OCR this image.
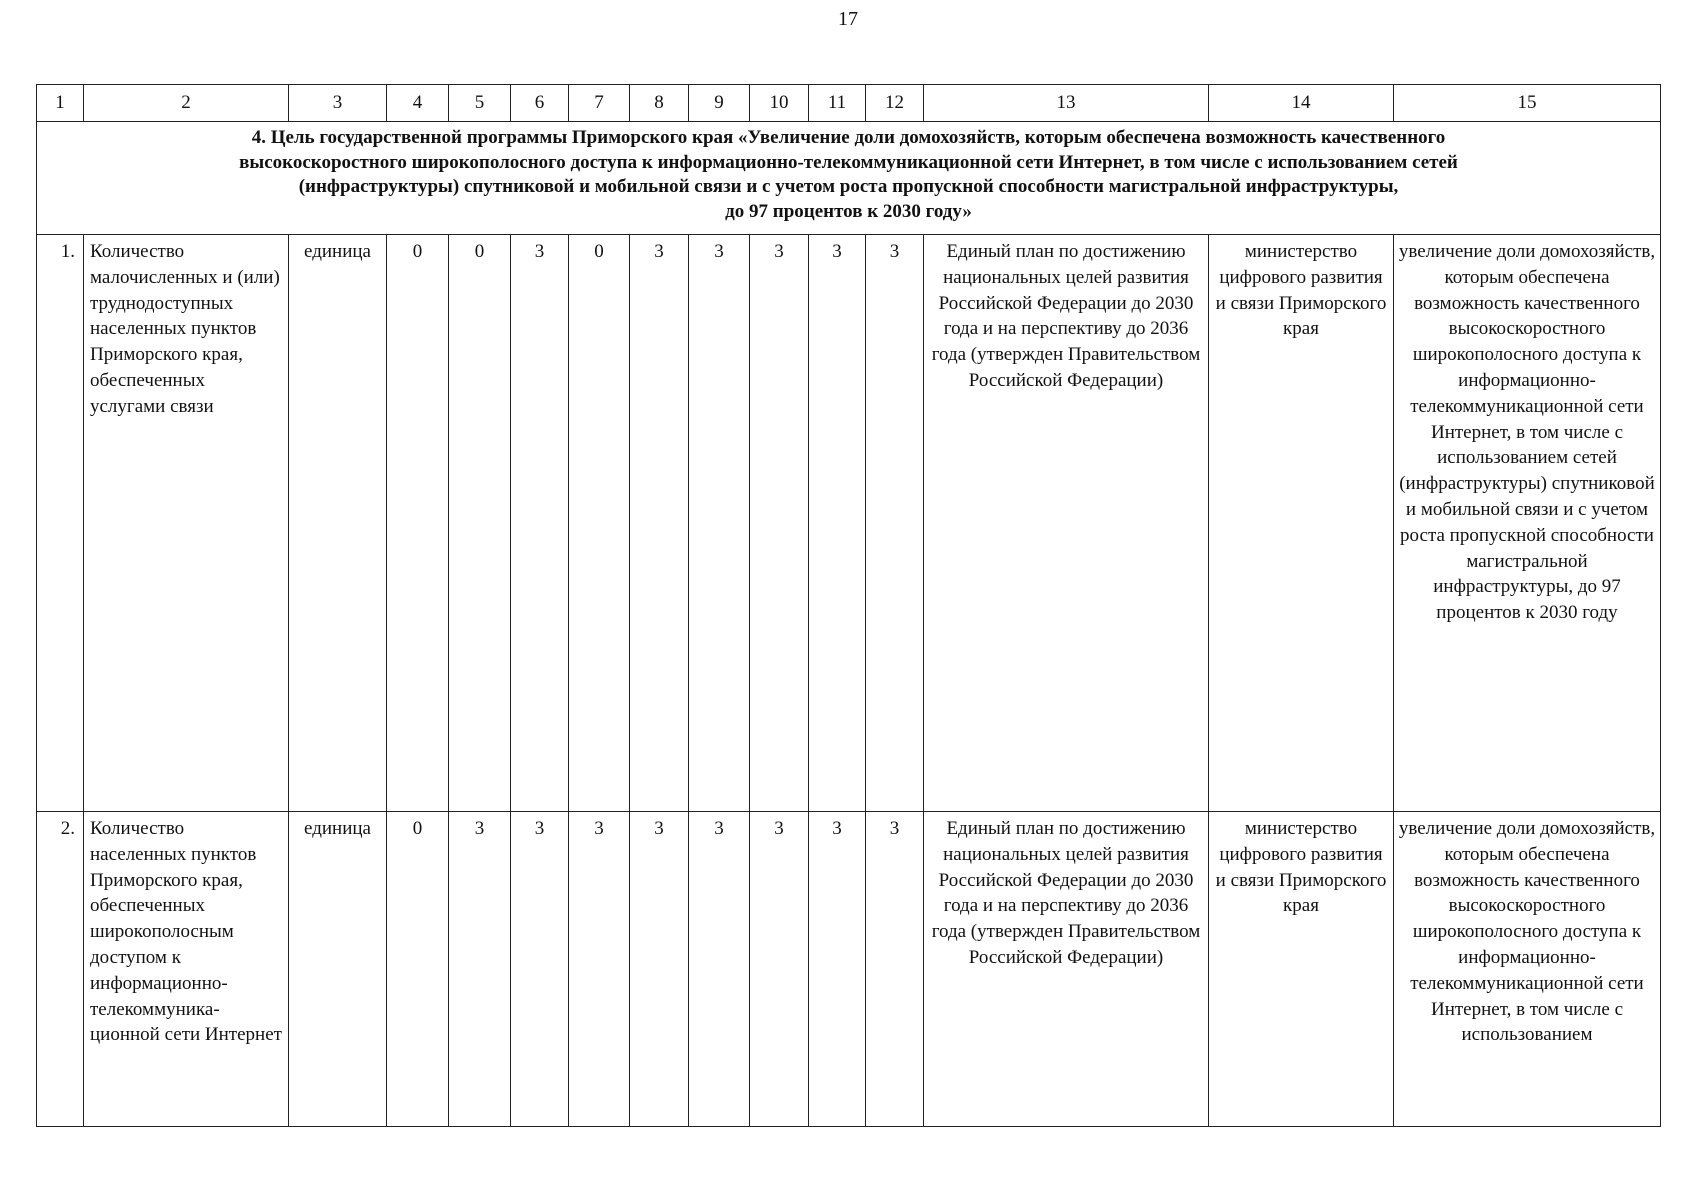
17
1	2	3	4	5	6	7	8	9	10	11	12	13	14	15

4. Цель государственной программы Приморского края «Увеличение доли домохозяйств, которым обеспечена возможность качественного
высокоскоростного широкополосного доступа к информационно-телекоммуникационной сети Интернет, в том числе с использованием сетей
(инфраструктуры) спутниковой и мобильной связи и с учетом роста пропускной способности магистральной инфраструктуры,
до 97 процентов к 2030 году»														

1.	Количество малочисленных и (или) труднодоступных населенных пунктов Приморского края, обеспеченных услугами связи	единица	0	0	3	0	3	3	3	3	3	Единый план по достижению национальных целей развития Российской Федерации до 2030 года и на перспективу до 2036 года (утвержден Правительством Российской Федерации)	министерство цифрового развития и связи Приморского края	увеличение доли домохозяйств, которым обеспечена возможность качественного высокоскоростного широкополосного доступа к информационно-телекоммуникационной сети Интернет, в том числе с использованием сетей (инфраструктуры) спутниковой и мобильной связи и с учетом роста пропускной способности магистральной инфраструктуры, до 97 процентов к 2030 году
2.	Количество населенных пунктов Приморского края, обеспеченных широкополосным доступом к информационно-телекоммуника-ционной сети Интернет	единица	0	3	3	3	3	3	3	3	3	Единый план по достижению национальных целей развития Российской Федерации до 2030 года и на перспективу до 2036 года (утвержден Правительством Российской Федерации)	министерство цифрового развития и связи Приморского края	увеличение доли домохозяйств, которым обеспечена возможность качественного высокоскоростного широкополосного доступа к информационно-телекоммуникационной сети Интернет, в том числе с использованием
